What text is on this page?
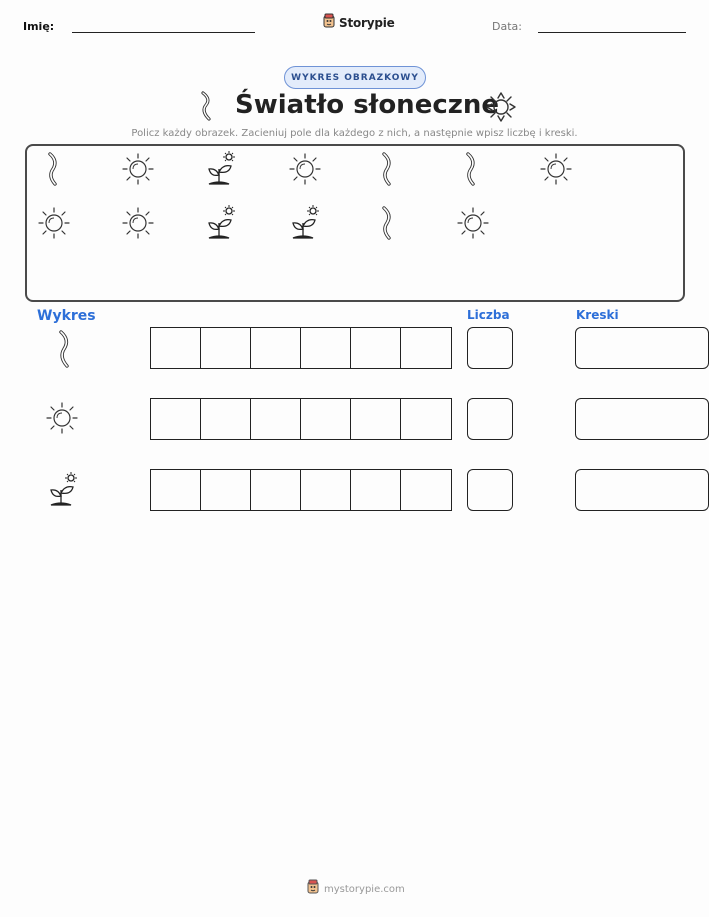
Imię:	Storypie	Data:
WYKRES OBRAZKOWY
Światło słoneczne
Policz każdy obrazek. Zacieniuj pole dla każdego z nich, a następnie wpisz liczbę i kreski.
Wykres	Liczba	Kreski
mystorypie.com
